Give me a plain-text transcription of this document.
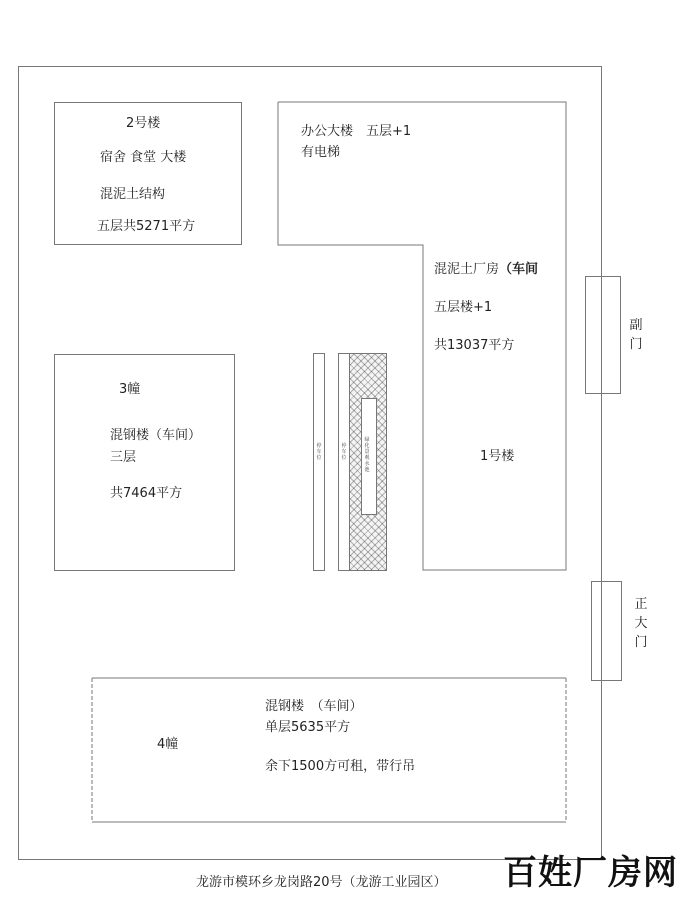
2号楼
宿舍 食堂 大楼
混泥土结构
五层共5271平方
办公大楼　五层+1
有电梯
混泥土厂房（车间
五层楼+1
共13037平方
1号楼
3幢
混钢楼（车间）
三层
共7464平方
停车位
停车位
绿化景观水池
副门
正大门
混钢楼　（车间）
单层5635平方
4幢
余下1500方可租，带行吊
龙游市模环乡龙岗路20号（龙游工业园区） 百姓厂房网
